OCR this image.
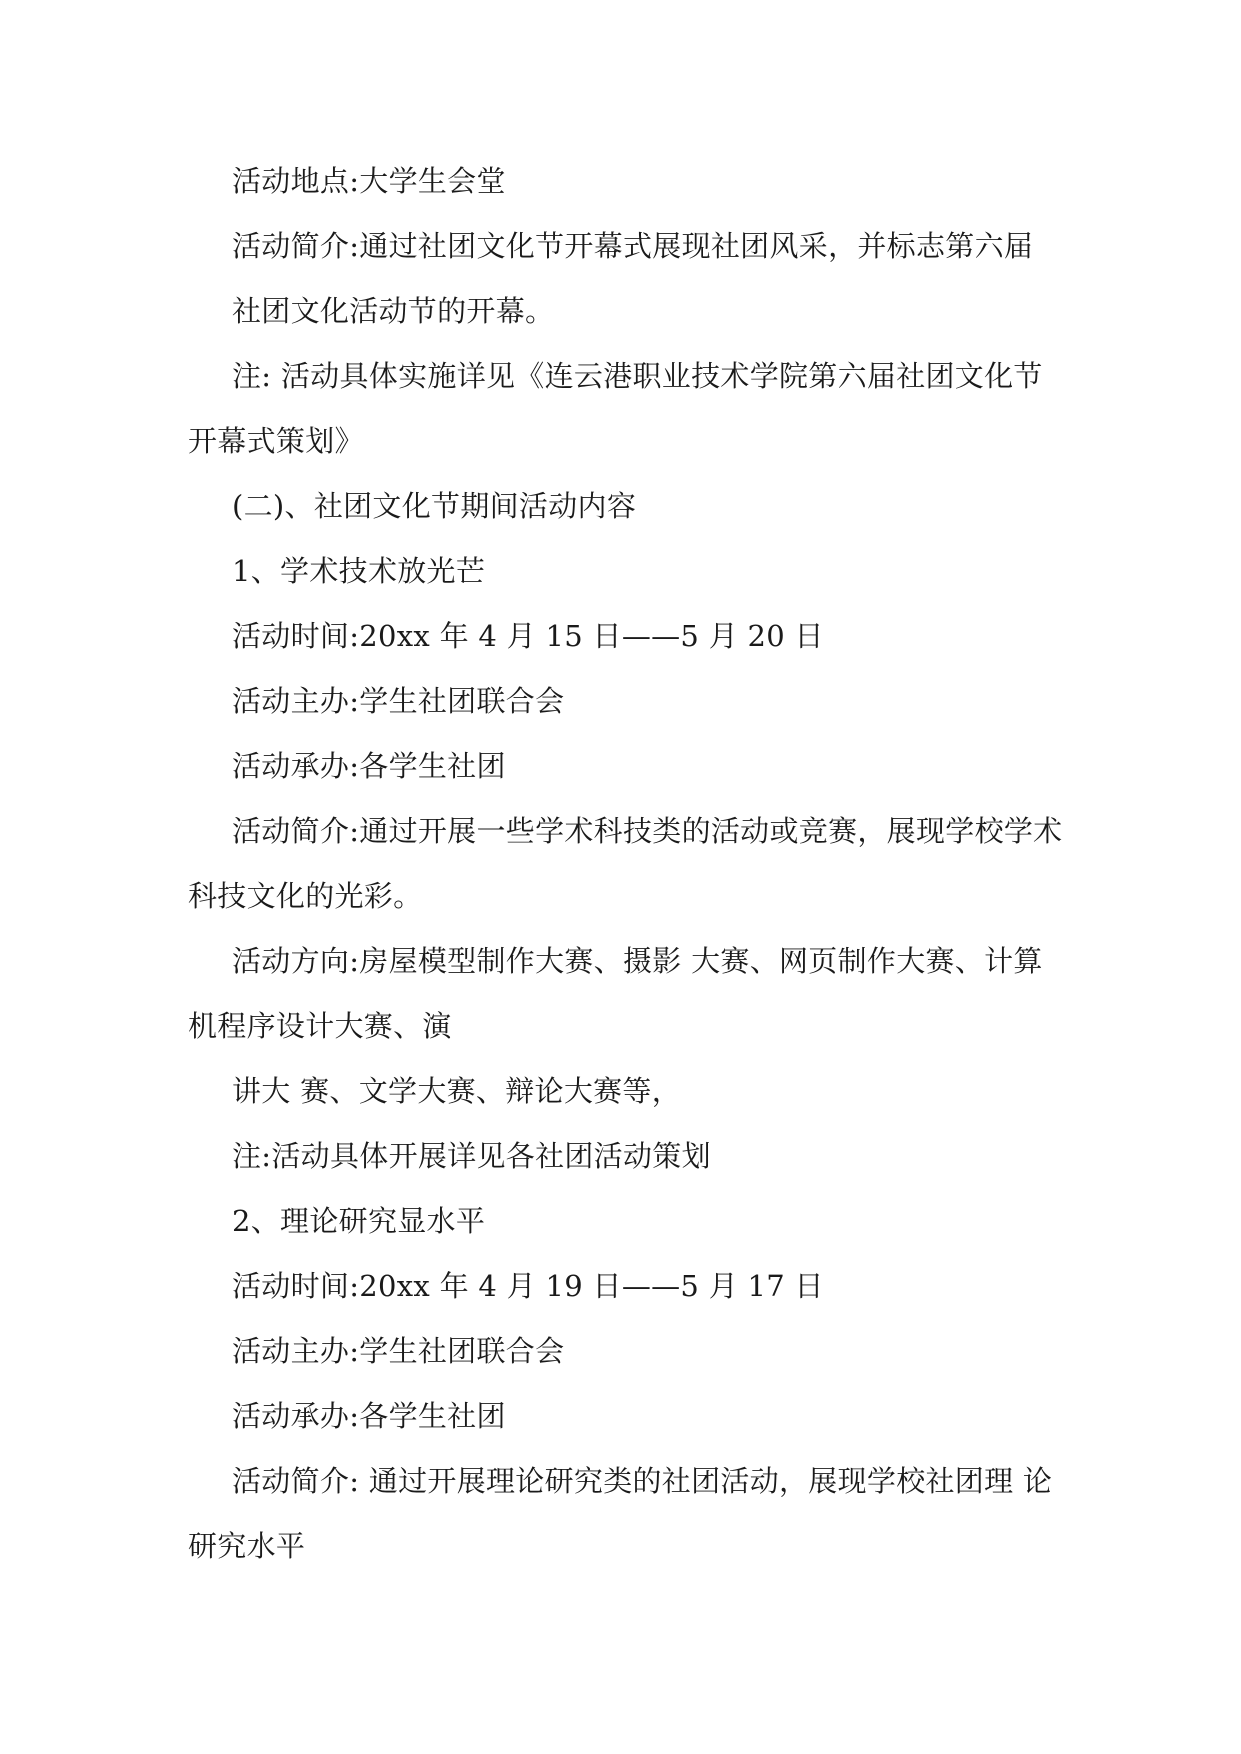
活动地点:大学生会堂
活动简介:通过社团文化节开幕式展现社团风采，并标志第六届
社团文化活动节的开幕。
注: 活动具体实施详见《连云港职业技术学院第六届社团文化节
开幕式策划》
(二)、社团文化节期间活动内容
1、学术技术放光芒
活动时间:20xx 年 4 月 15 日——5 月 20 日
活动主办:学生社团联合会
活动承办:各学生社团
活动简介:通过开展一些学术科技类的活动或竞赛，展现学校学术
科技文化的光彩。
活动方向:房屋模型制作大赛、摄影 大赛、网页制作大赛、计算
机程序设计大赛、演
讲大 赛、文学大赛、辩论大赛等，
注:活动具体开展详见各社团活动策划
2、理论研究显水平
活动时间:20xx 年 4 月 19 日——5 月 17 日
活动主办:学生社团联合会
活动承办:各学生社团
活动简介: 通过开展理论研究类的社团活动，展现学校社团理 论
研究水平
